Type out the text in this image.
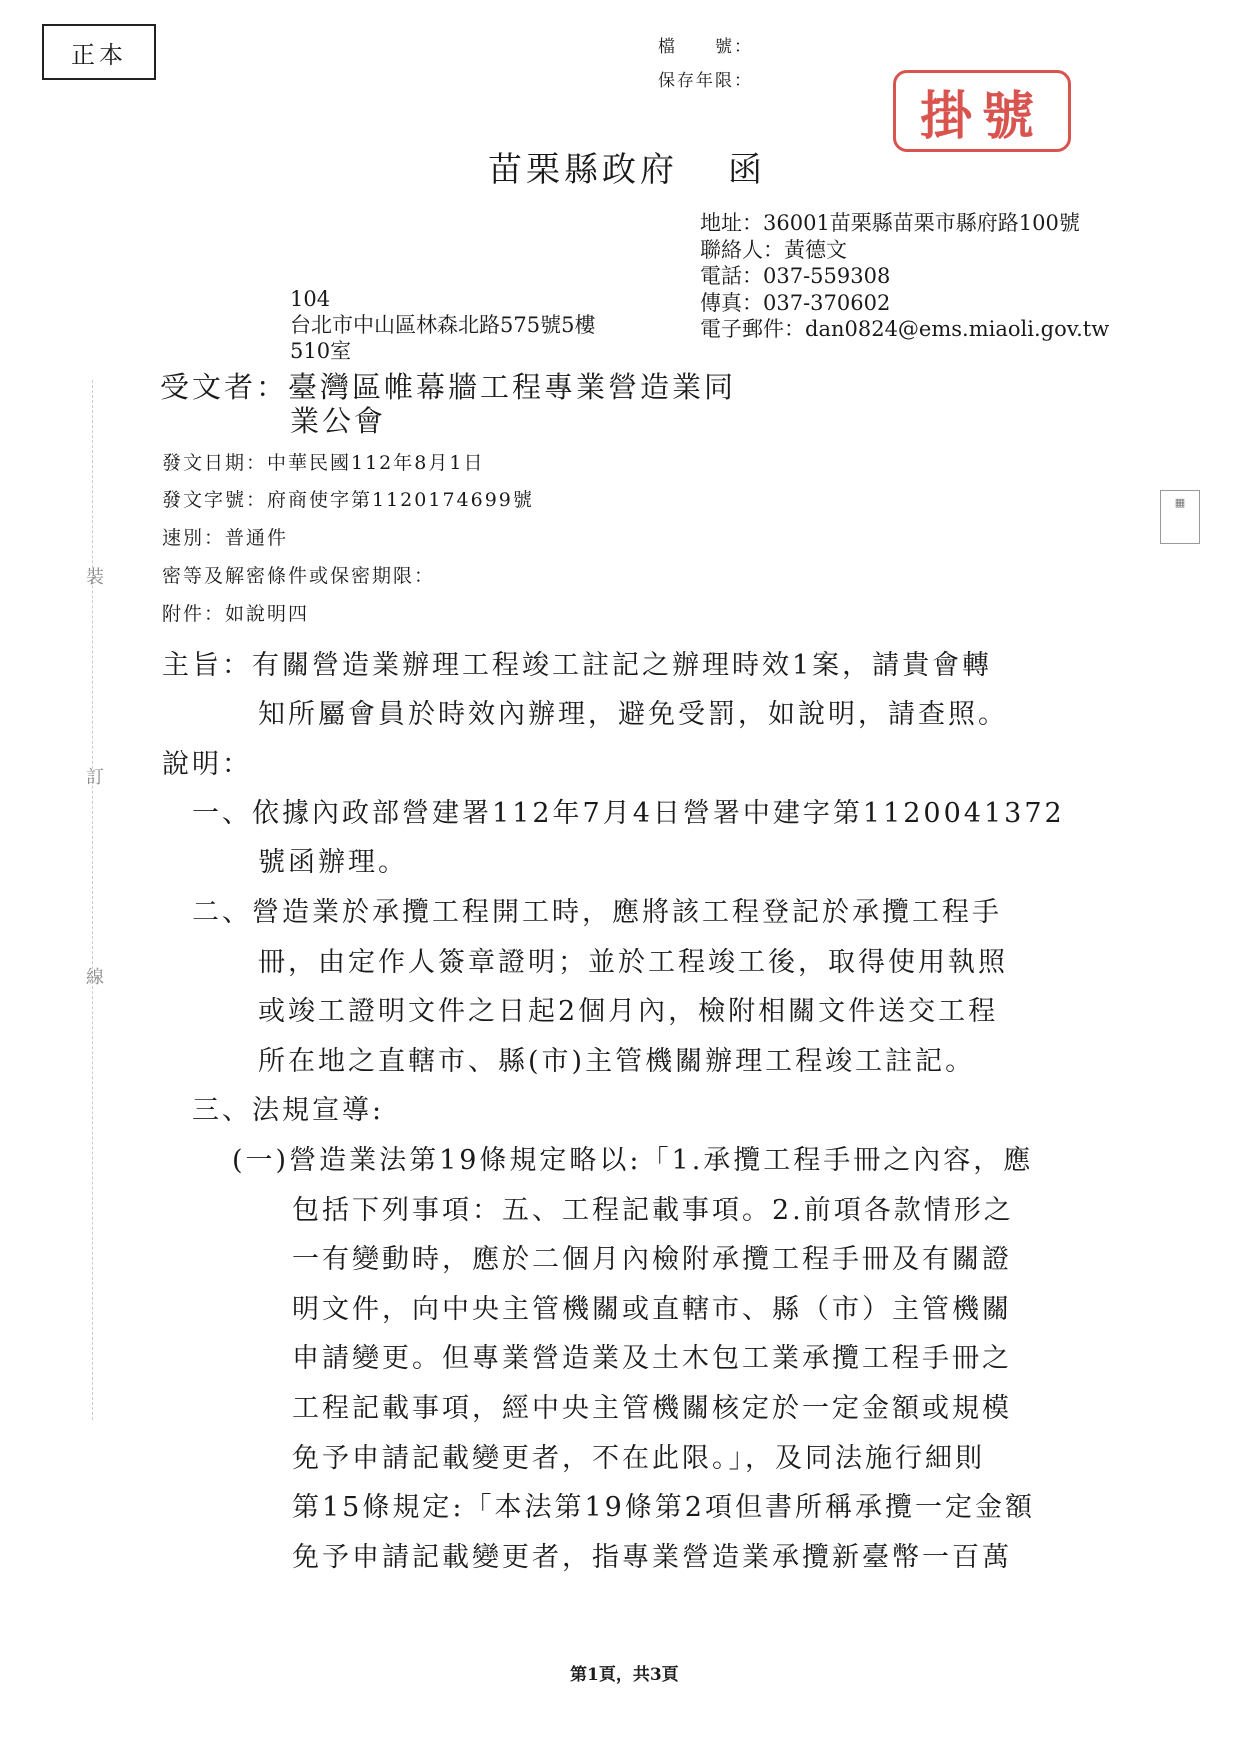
正本	檔　　號：
保存年限：
掛號
苗栗縣政府 函
地址：36001苗栗縣苗栗市縣府路100號
聯絡人：黃德文
電話：037-559308
傳真：037-370602
電子郵件：dan0824@ems.miaoli.gov.tw
104
台北市中山區林森北路575號5樓
510室
受文者：臺灣區帷幕牆工程專業營造業同
業公會
發文日期：中華民國112年8月1日
發文字號：府商使字第1120174699號
速別：普通件
密等及解密條件或保密期限：
附件：如說明四
▦
裝
訂
線
主旨：有關營造業辦理工程竣工註記之辦理時效1案，請貴會轉
知所屬會員於時效內辦理，避免受罰，如說明，請查照。
說明：
一、依據內政部營建署112年7月4日營署中建字第1120041372
號函辦理。
二、營造業於承攬工程開工時，應將該工程登記於承攬工程手
冊，由定作人簽章證明；並於工程竣工後，取得使用執照
或竣工證明文件之日起2個月內，檢附相關文件送交工程
所在地之直轄市、縣(市)主管機關辦理工程竣工註記。
三、法規宣導:
(一)營造業法第19條規定略以:「1.承攬工程手冊之內容，應
包括下列事項：五、工程記載事項。2.前項各款情形之
一有變動時，應於二個月內檢附承攬工程手冊及有關證
明文件，向中央主管機關或直轄市、縣（市）主管機關
申請變更。但專業營造業及土木包工業承攬工程手冊之
工程記載事項，經中央主管機關核定於一定金額或規模
免予申請記載變更者，不在此限。」，及同法施行細則
第15條規定:「本法第19條第2項但書所稱承攬一定金額
免予申請記載變更者，指專業營造業承攬新臺幣一百萬
第1頁，共3頁
